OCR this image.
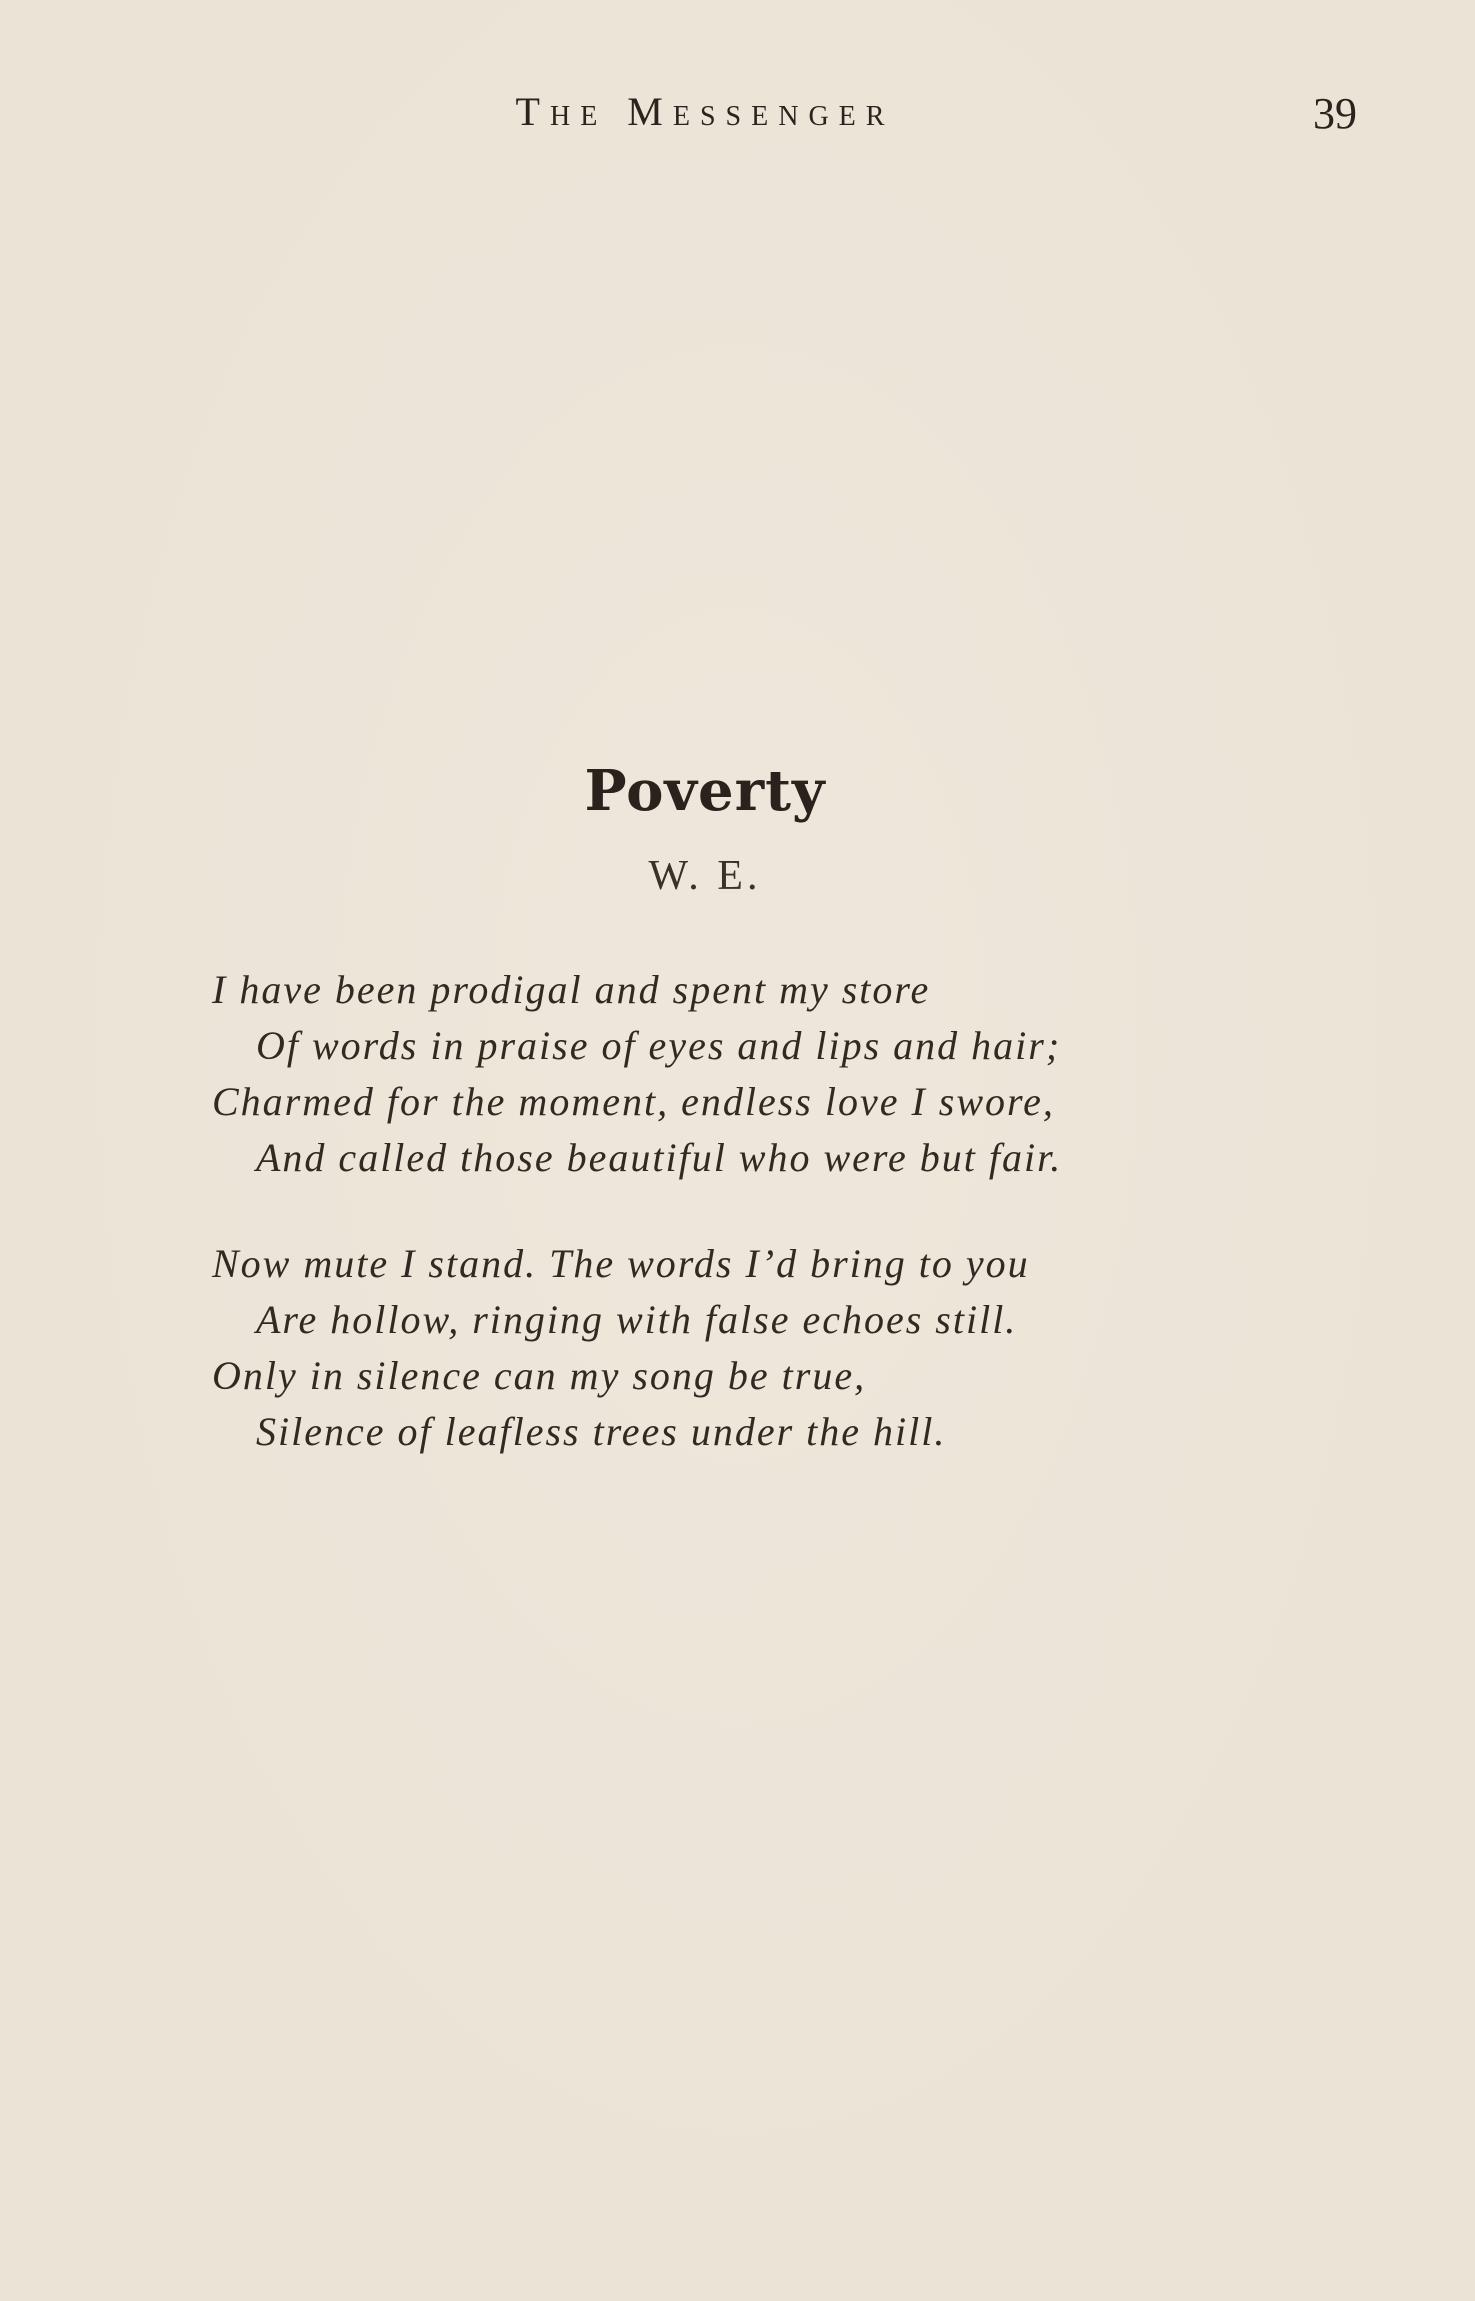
The Messenger	39
Poverty
W. E.
I have been prodigal and spent my store
Of words in praise of eyes and lips and hair;
Charmed for the moment, endless love I swore,
And called those beautiful who were but fair.
Now mute I stand. The words I’d bring to you
Are hollow, ringing with false echoes still.
Only in silence can my song be true,
Silence of leafless trees under the hill.
